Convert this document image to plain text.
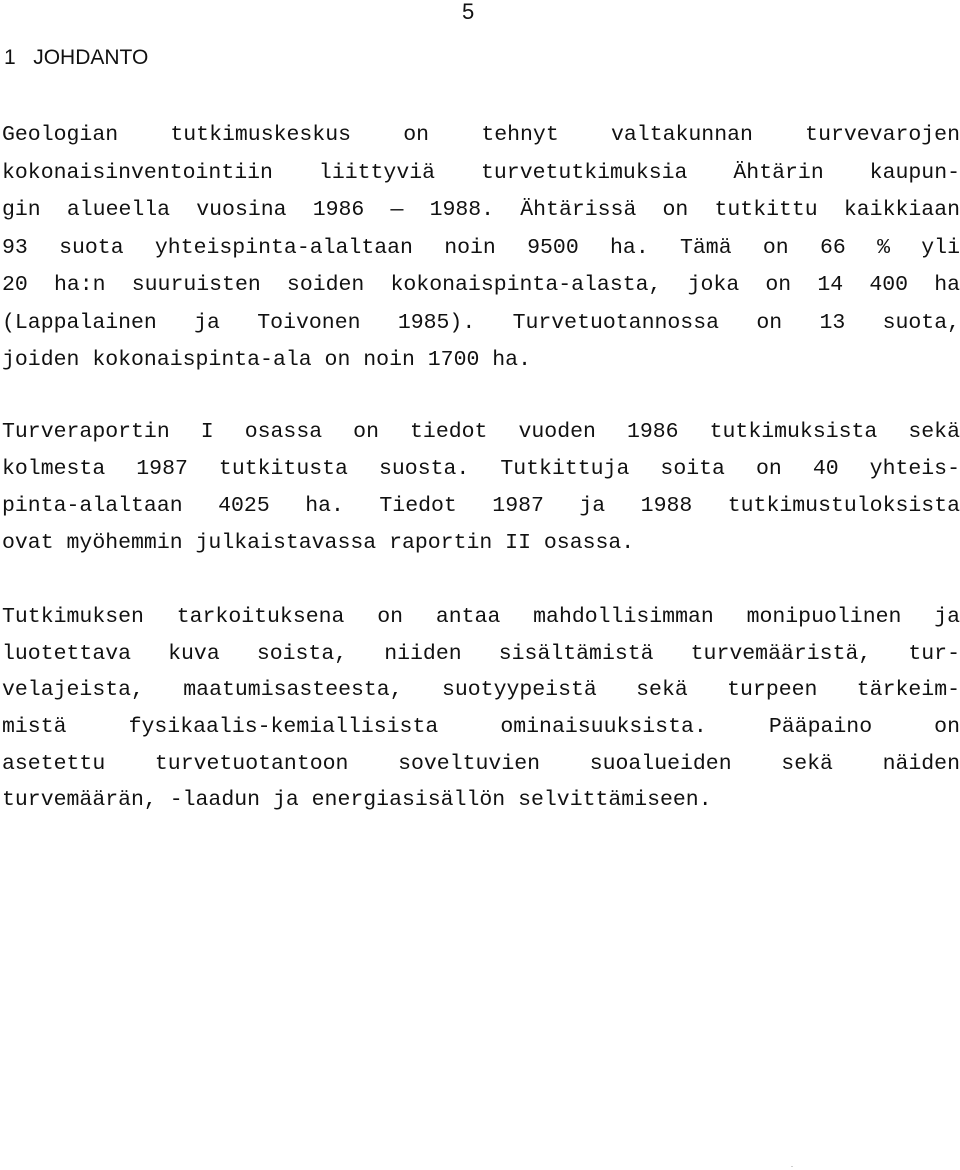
5
1 JOHDANTO
Geologian tutkimuskeskus on tehnyt valtakunnan turvevarojen
kokonaisinventointiin liittyviä turvetutkimuksia Ähtärin kaupun-
gin alueella vuosina 1986 — 1988. Ähtärissä on tutkittu kaikkiaan
93 suota yhteispinta-alaltaan noin 9500 ha. Tämä on 66 % yli
20 ha:n suuruisten soiden kokonaispinta-alasta, joka on 14 400 ha
(Lappalainen ja Toivonen 1985). Turvetuotannossa on 13 suota,
joiden kokonaispinta-ala on noin 1700 ha.
Turveraportin I osassa on tiedot vuoden 1986 tutkimuksista sekä
kolmesta 1987 tutkitusta suosta. Tutkittuja soita on 40 yhteis-
pinta-alaltaan 4025 ha. Tiedot 1987 ja 1988 tutkimustuloksista
ovat myöhemmin julkaistavassa raportin II osassa.
Tutkimuksen tarkoituksena on antaa mahdollisimman monipuolinen ja
luotettava kuva soista, niiden sisältämistä turvemääristä, tur-
velajeista, maatumisasteesta, suotyypeistä sekä turpeen tärkeim-
mistä fysikaalis-kemiallisista ominaisuuksista. Pääpaino on
asetettu turvetuotantoon soveltuvien suoalueiden sekä näiden
turvemäärän, -laadun ja energiasisällön selvittämiseen.
